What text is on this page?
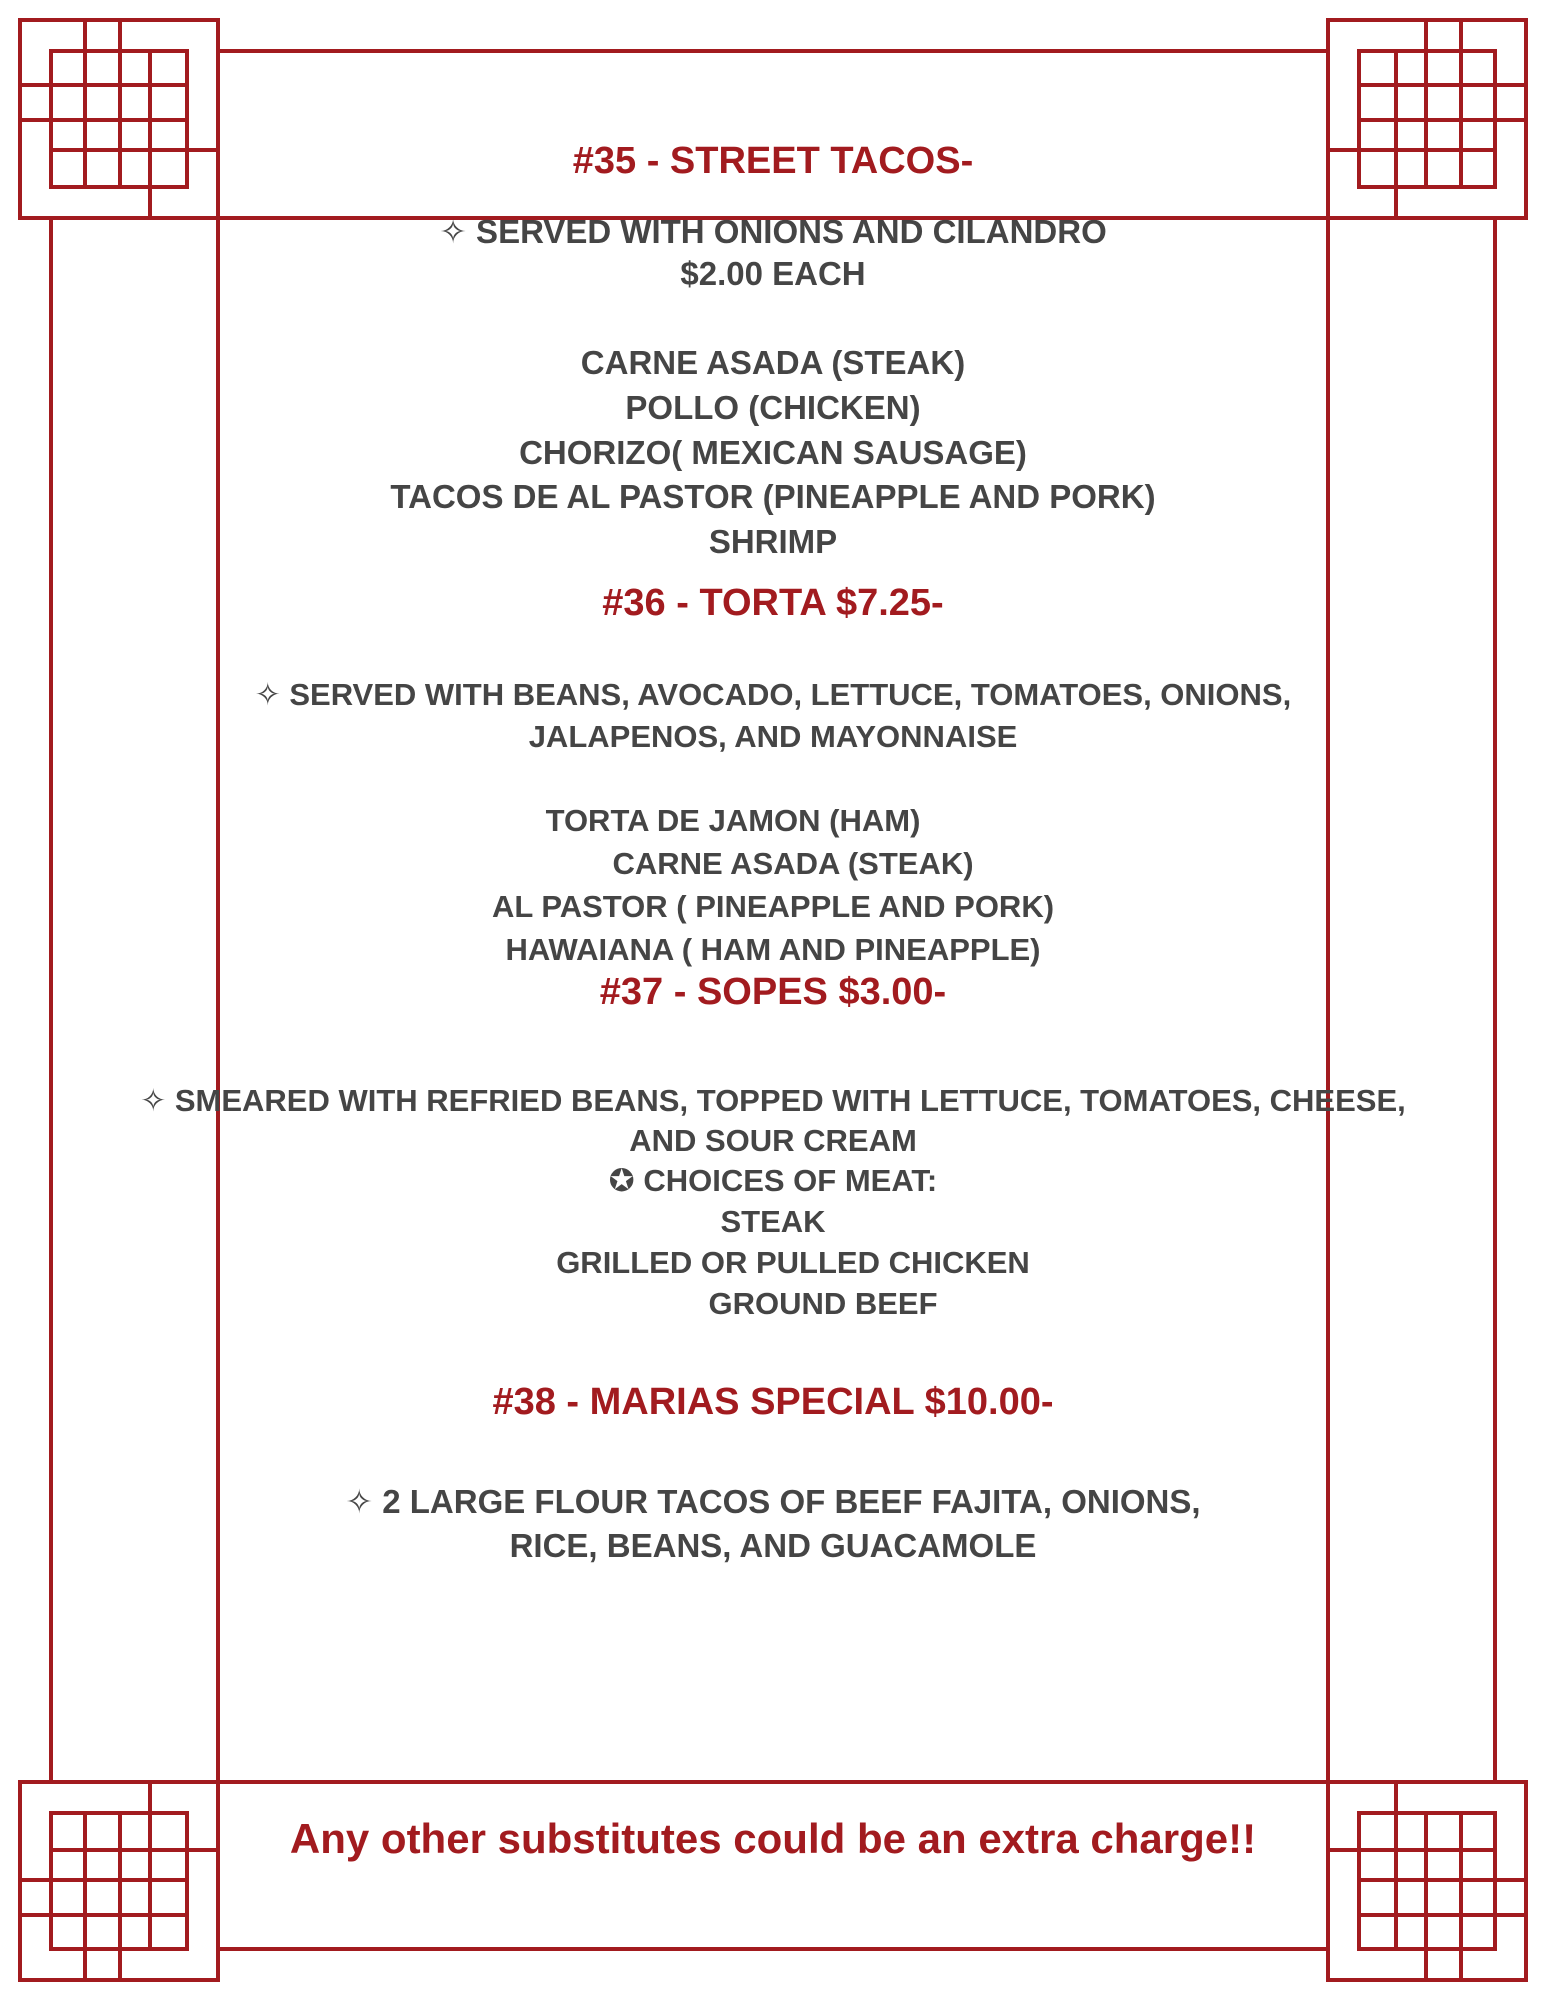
#35 - STREET TACOS-
✧ SERVED WITH ONIONS AND CILANDRO
$2.00 EACH
CARNE ASADA (STEAK)
POLLO (CHICKEN)
CHORIZO( MEXICAN SAUSAGE)
TACOS DE AL PASTOR (PINEAPPLE AND PORK)
SHRIMP
#36 - TORTA $7.25-
✧ SERVED WITH BEANS, AVOCADO, LETTUCE, TOMATOES, ONIONS,
JALAPENOS, AND MAYONNAISE
TORTA DE JAMON (HAM)
CARNE ASADA (STEAK)
AL PASTOR ( PINEAPPLE AND PORK)
HAWAIANA ( HAM AND PINEAPPLE)
#37 - SOPES $3.00-
✧ SMEARED WITH REFRIED BEANS, TOPPED WITH LETTUCE, TOMATOES, CHEESE,
AND SOUR CREAM
✪ CHOICES OF MEAT:
STEAK
GRILLED OR PULLED CHICKEN
GROUND BEEF
#38 - MARIAS SPECIAL $10.00-
✧ 2 LARGE FLOUR TACOS OF BEEF FAJITA, ONIONS,
RICE, BEANS, AND GUACAMOLE
Any other substitutes could be an extra charge!!
